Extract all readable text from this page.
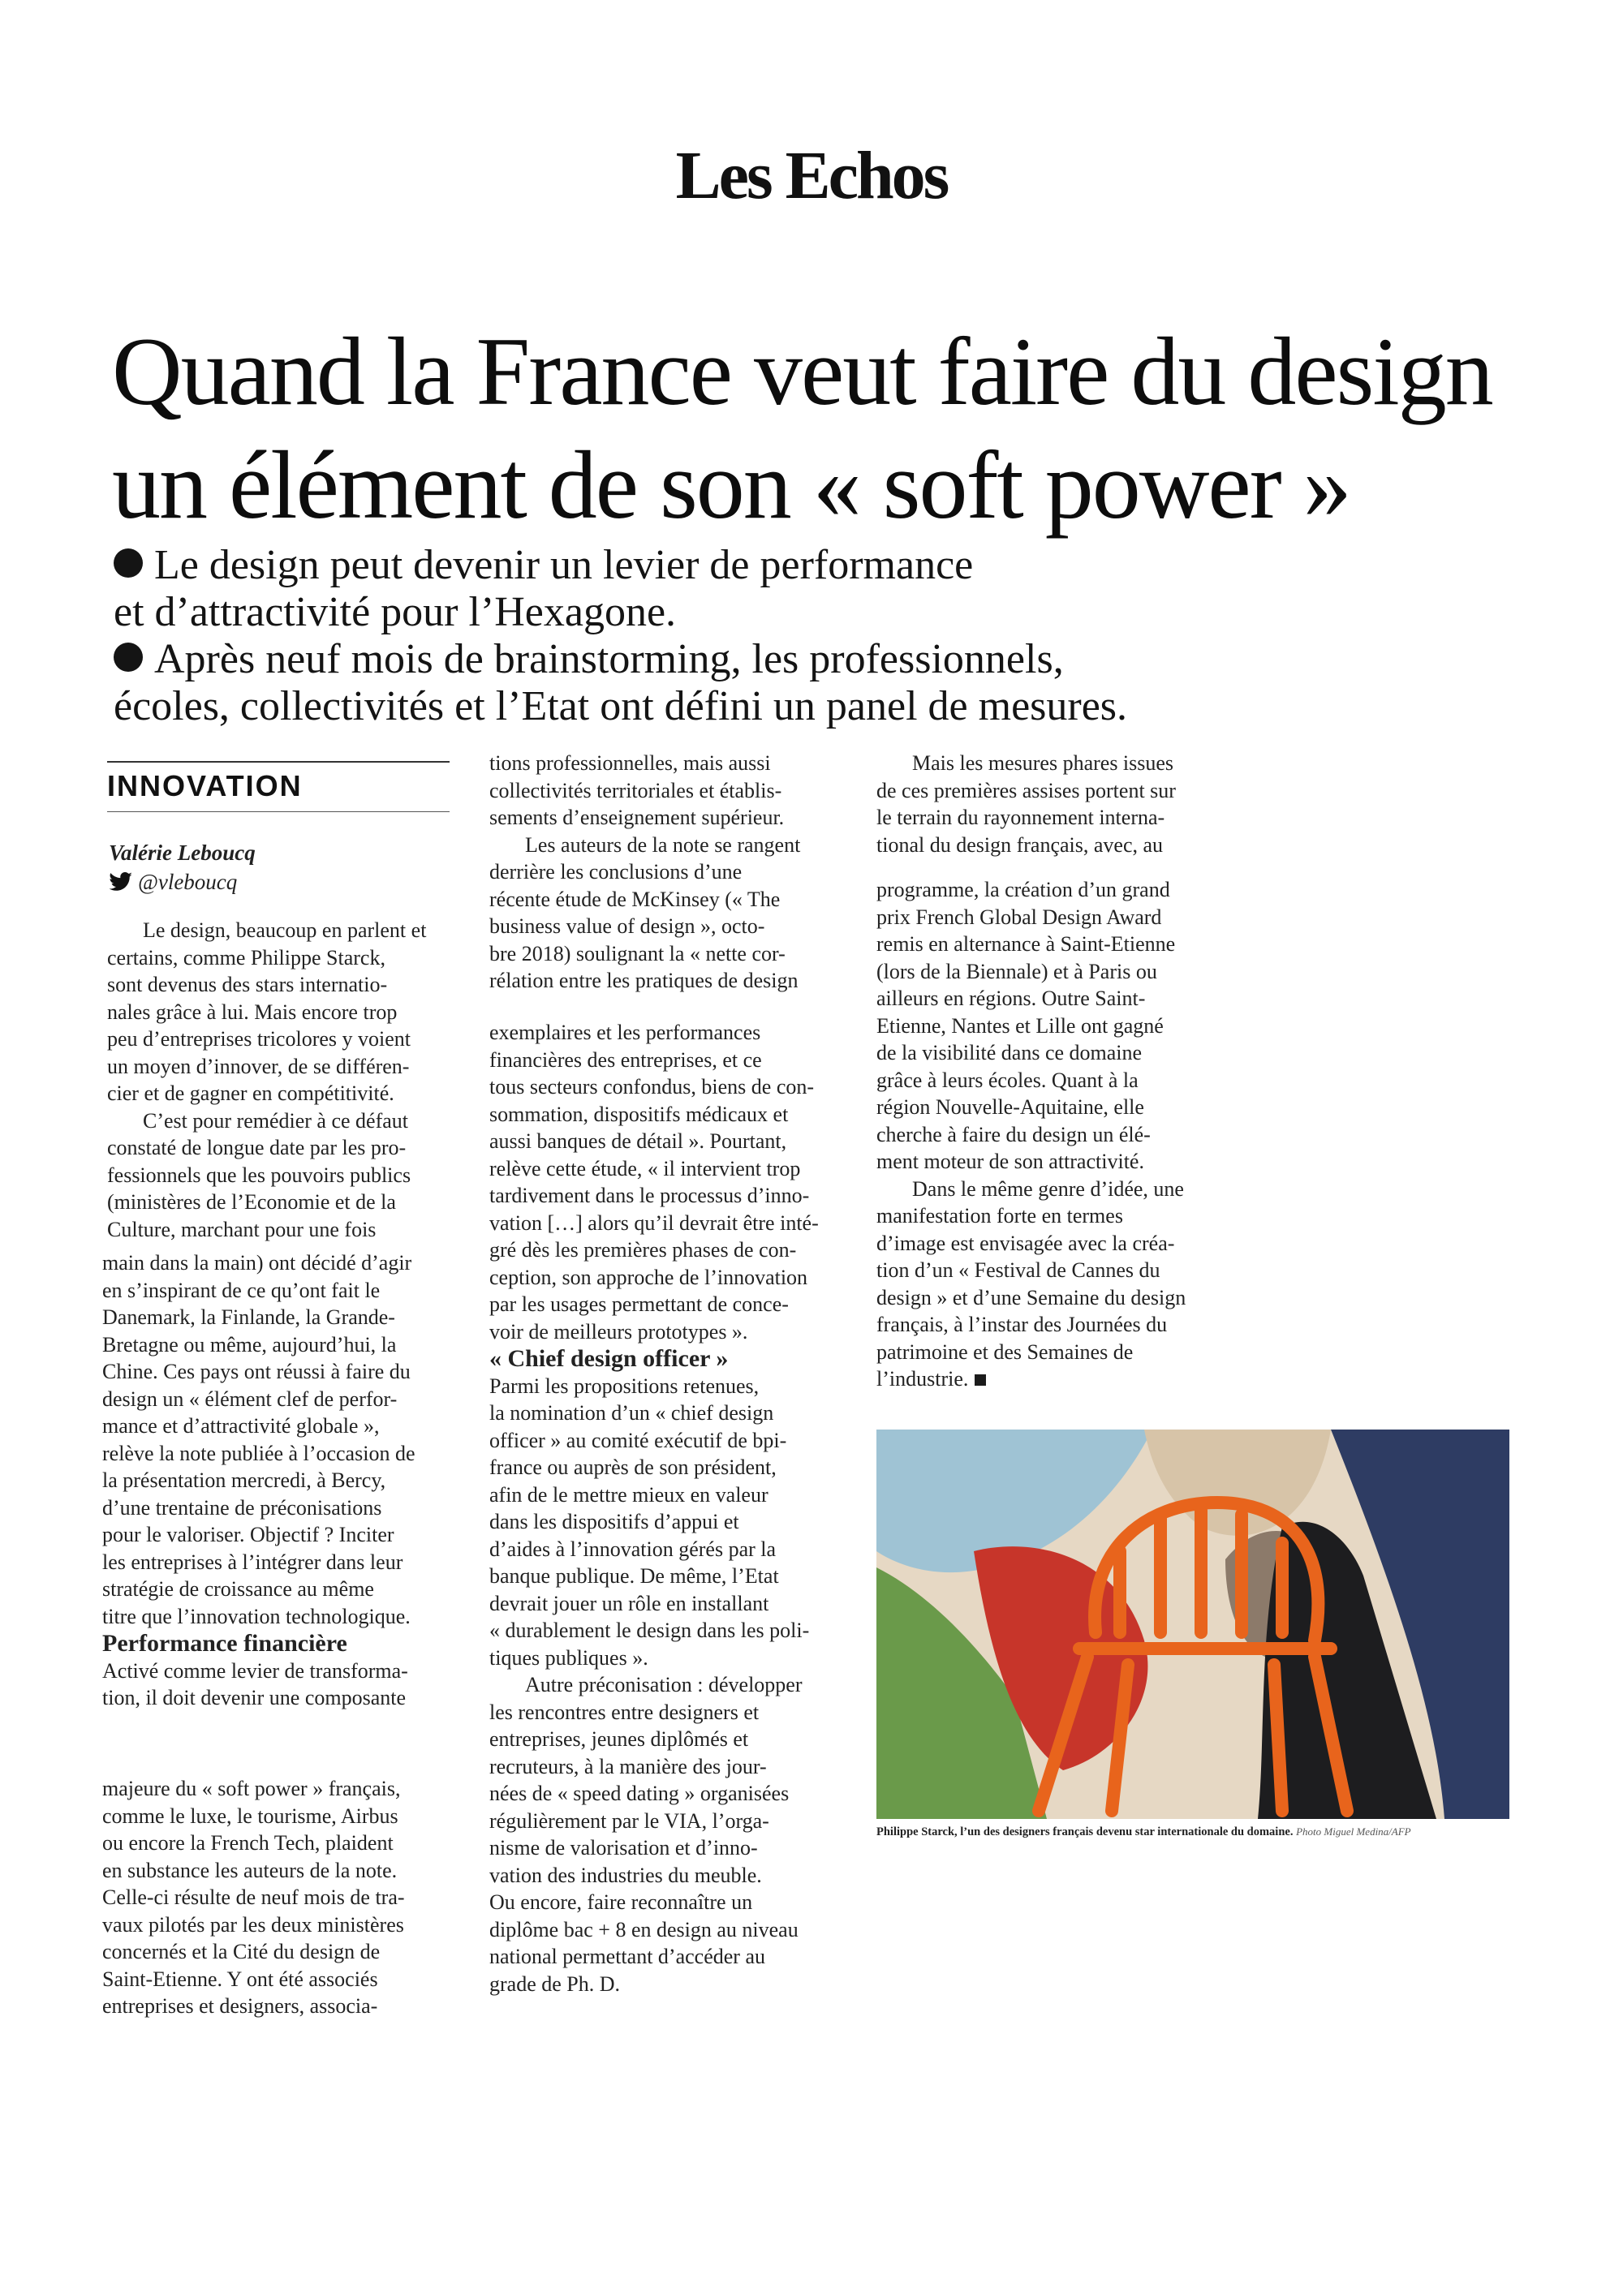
Les Echos
Quand la France veut faire du design
un élément de son « soft power »

Le design peut devenir un levier de performance

et d’attractivité pour l’Hexagone.

Après neuf mois de brainstorming, les professionnels,

écoles, collectivités et l’Etat ont défini un panel de mesures.

INNOVATION
Valérie Leboucq
@vleboucq

Le design, beaucoup en parlent et

certains, comme Philippe Starck,

sont devenus des stars internatio-

nales grâce à lui. Mais encore trop

peu d’entreprises tricolores y voient

un moyen d’innover, de se différen-

cier et de gagner en compétitivité.

C’est pour remédier à ce défaut

constaté de longue date par les pro-

fessionnels que les pouvoirs publics

(ministères de l’Economie et de la

Culture, marchant pour une fois

main dans la main) ont décidé d’agir

en s’inspirant de ce qu’ont fait le

Danemark, la Finlande, la Grande-

Bretagne ou même, aujourd’hui, la

Chine. Ces pays ont réussi à faire du

design un « élément clef de perfor-

mance et d’attractivité globale »,

relève la note publiée à l’occasion de

la présentation mercredi, à Bercy,

d’une trentaine de préconisations

pour le valoriser. Objectif ? Inciter

les entreprises à l’intégrer dans leur

stratégie de croissance au même

titre que l’innovation technologique.

Performance financière

Activé comme levier de transforma-

tion, il doit devenir une composante

majeure du « soft power » français,

comme le luxe, le tourisme, Airbus

ou encore la French Tech, plaident

en substance les auteurs de la note.

Celle-ci résulte de neuf mois de tra-

vaux pilotés par les deux ministères

concernés et la Cité du design de

Saint-Etienne. Y ont été associés

entreprises et designers, associa-

tions professionnelles, mais aussi

collectivités territoriales et établis-

sements d’enseignement supérieur.

Les auteurs de la note se rangent

derrière les conclusions d’une

récente étude de McKinsey (« The

business value of design », octo-

bre 2018) soulignant la « nette cor-

rélation entre les pratiques de design

exemplaires et les performances

financières des entreprises, et ce

tous secteurs confondus, biens de con-

sommation, dispositifs médicaux et

aussi banques de détail ». Pourtant,

relève cette étude, « il intervient trop

tardivement dans le processus d’inno-

vation […] alors qu’il devrait être inté-

gré dès les premières phases de con-

ception, son approche de l’innovation

par les usages permettant de conce-

voir de meilleurs prototypes ».

« Chief design officer »

Parmi les propositions retenues,

la nomination d’un « chief design

officer » au comité exécutif de bpi-

france ou auprès de son président,

afin de le mettre mieux en valeur

dans les dispositifs d’appui et

d’aides à l’innovation gérés par la

banque publique. De même, l’Etat

devrait jouer un rôle en installant

« durablement le design dans les poli-

tiques publiques ».

Autre préconisation : développer

les rencontres entre designers et

entreprises, jeunes diplômés et

recruteurs, à la manière des jour-

nées de « speed dating » organisées

régulièrement par le VIA, l’orga-

nisme de valorisation et d’inno-

vation des industries du meuble.

Ou encore, faire reconnaître un

diplôme bac + 8 en design au niveau

national permettant d’accéder au

grade de Ph. D.

Mais les mesures phares issues

de ces premières assises portent sur

le terrain du rayonnement interna-

tional du design français, avec, au

programme, la création d’un grand

prix French Global Design Award

remis en alternance à Saint-Etienne

(lors de la Biennale) et à Paris ou

ailleurs en régions. Outre Saint-

Etienne, Nantes et Lille ont gagné

de la visibilité dans ce domaine

grâce à leurs écoles. Quant à la

région Nouvelle-Aquitaine, elle

cherche à faire du design un élé-

ment moteur de son attractivité.

Dans le même genre d’idée, une

manifestation forte en termes

d’image est envisagée avec la créa-

tion d’un « Festival de Cannes du

design » et d’une Semaine du design

français, à l’instar des Journées du

patrimoine et des Semaines de

l’industrie.

Philippe Starck, l’un des designers français devenu star internationale du domaine. Photo Miguel Medina/AFP
